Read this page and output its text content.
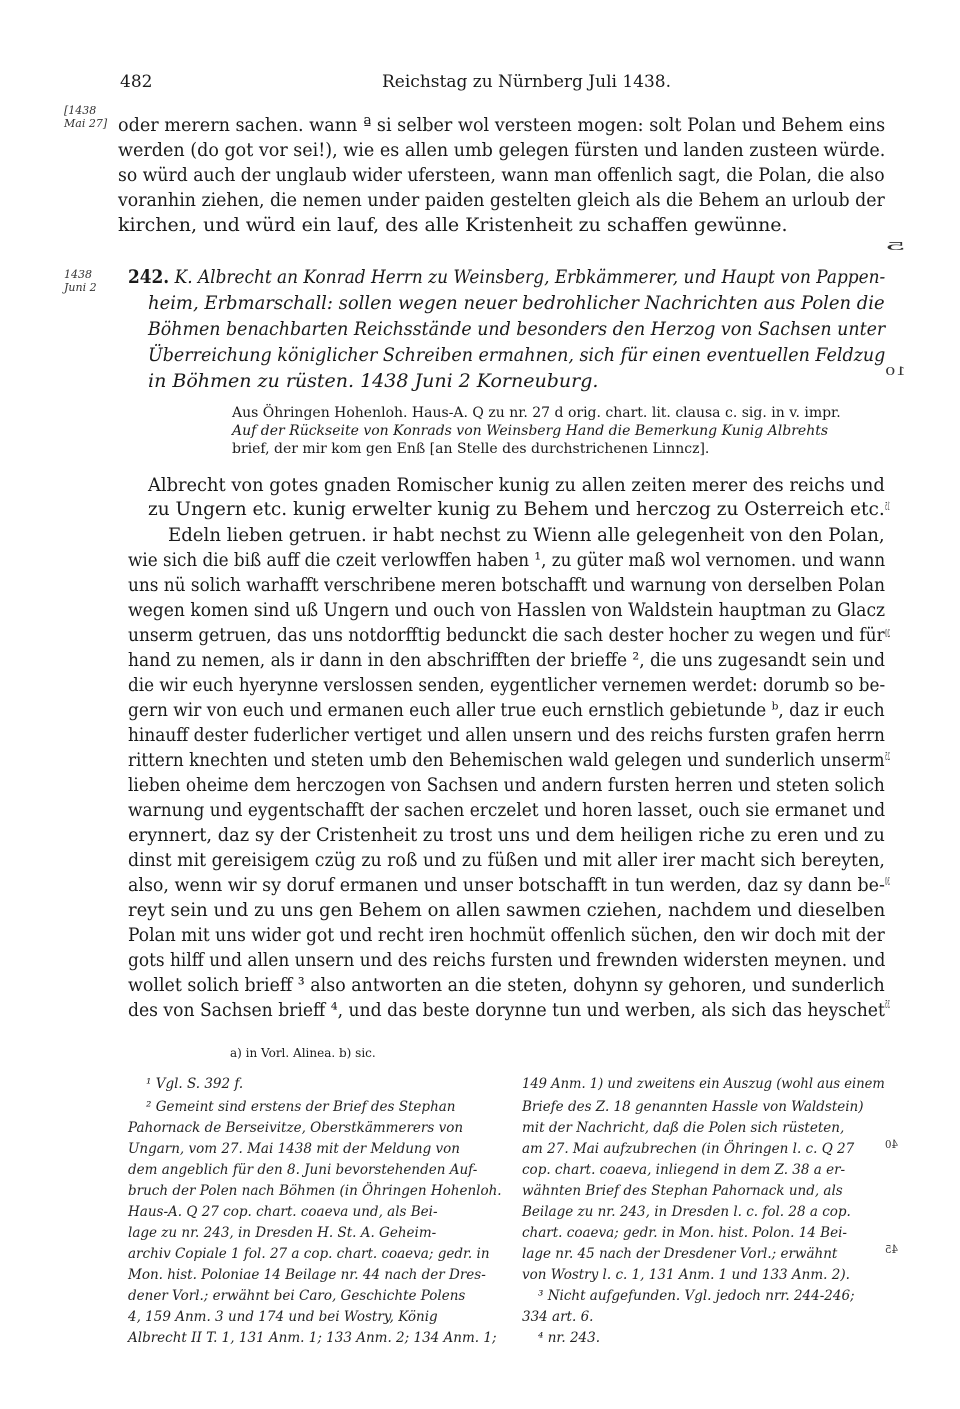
482	Reichstag zu Nürnberg Juli 1438.
[1438
Mai 27]
1438
Juni 2
5
10
15
20
25
30
35
40
45
oder merern sachen. wann ª si selber wol versteen mogen: solt Polan und Behem eins
werden (do got vor sei!), wie es allen umb gelegen fürsten und landen zusteen würde.
so würd auch der unglaub wider ufersteen, wann man offenlich sagt, die Polan, die also
voranhin ziehen, die nemen under paiden gestelten gleich als die Behem an urloub der
kirchen, und würd ein lauf, des alle Kristenheit zu schaffen gewünne.
242. K. Albrecht an Konrad Herrn zu Weinsberg, Erbkämmerer, und Haupt von Pappen-
heim, Erbmarschall: sollen wegen neuer bedrohlicher Nachrichten aus Polen die
Böhmen benachbarten Reichsstände und besonders den Herzog von Sachsen unter
Überreichung königlicher Schreiben ermahnen, sich für einen eventuellen Feldzug
in Böhmen zu rüsten. 1438 Juni 2 Korneuburg.
Aus Öhringen Hohenloh. Haus-A. Q zu nr. 27 d orig. chart. lit. clausa c. sig. in v. impr.
Auf der Rückseite von Konrads von Weinsberg Hand die Bemerkung Kunig Albrehts
brief, der mir kom gen Enß [an Stelle des durchstrichenen Linncz].
Albrecht von gotes gnaden Romischer kunig zu allen zeiten merer des reichs und
zu Ungern etc. kunig erwelter kunig zu Behem und herczog zu Osterreich etc.
Edeln lieben getruen. ir habt nechst zu Wienn alle gelegenheit von den Polan,
wie sich die biß auff die czeit verlowffen haben ¹, zu güter maß wol vernomen. und wann
uns nü solich warhafft verschribene meren botschafft und warnung von derselben Polan
wegen komen sind uß Ungern und ouch von Hasslen von Waldstein hauptman zu Glacz
unserm getruen, das uns notdorfftig bedunckt die sach dester hocher zu wegen und für
hand zu nemen, als ir dann in den abschrifften der brieffe ², die uns zugesandt sein und
die wir euch hyerynne verslossen senden, eygentlicher vernemen werdet: dorumb so be-
gern wir von euch und ermanen euch aller true euch ernstlich gebietunde ᵇ, daz ir euch
hinauff dester fuderlicher vertiget und allen unsern und des reichs fursten grafen herrn
rittern knechten und steten umb den Behemischen wald gelegen und sunderlich unserm
lieben oheime dem herczogen von Sachsen und andern fursten herren und steten solich
warnung und eygentschafft der sachen erczelet und horen lasset, ouch sie ermanet und
erynnert, daz sy der Cristenheit zu trost uns und dem heiligen riche zu eren und zu
dinst mit gereisigem czüg zu roß und zu füßen und mit aller irer macht sich bereyten,
also, wenn wir sy doruf ermanen und unser botschafft in tun werden, daz sy dann be-
reyt sein und zu uns gen Behem on allen sawmen cziehen, nachdem und dieselben
Polan mit uns wider got und recht iren hochmüt offenlich süchen, den wir doch mit der
gots hilff und allen unsern und des reichs fursten und frewnden widersten meynen. und
wollet solich brieff ³ also antworten an die steten, dohynn sy gehoren, und sunderlich
des von Sachsen brieff ⁴, und das beste dorynne tun und werben, als sich das heyschet
a) in Vorl. Alinea. b) sic.
¹ Vgl. S. 392 f.
² Gemeint sind erstens der Brief des Stephan
Pahornack de Berseivitze, Oberstkämmerers von
Ungarn, vom 27. Mai 1438 mit der Meldung von
dem angeblich für den 8. Juni bevorstehenden Auf-
bruch der Polen nach Böhmen (in Öhringen Hohenloh.
Haus-A. Q 27 cop. chart. coaeva und, als Bei-
lage zu nr. 243, in Dresden H. St. A. Geheim-
archiv Copiale 1 fol. 27 a cop. chart. coaeva; gedr. in
Mon. hist. Poloniae 14 Beilage nr. 44 nach der Dres-
dener Vorl.; erwähnt bei Caro, Geschichte Polens
4, 159 Anm. 3 und 174 und bei Wostry, König
Albrecht II T. 1, 131 Anm. 1; 133 Anm. 2; 134 Anm. 1;
149 Anm. 1) und zweitens ein Auszug (wohl aus einem
Briefe des Z. 18 genannten Hassle von Waldstein)
mit der Nachricht, daß die Polen sich rüsteten,
am 27. Mai aufzubrechen (in Öhringen l. c. Q 27
cop. chart. coaeva, inliegend in dem Z. 38 a er-
wähnten Brief des Stephan Pahornack und, als
Beilage zu nr. 243, in Dresden l. c. fol. 28 a cop.
chart. coaeva; gedr. in Mon. hist. Polon. 14 Bei-
lage nr. 45 nach der Dresdener Vorl.; erwähnt
von Wostry l. c. 1, 131 Anm. 1 und 133 Anm. 2).
³ Nicht aufgefunden. Vgl. jedoch nrr. 244-246;
334 art. 6.
⁴ nr. 243.
